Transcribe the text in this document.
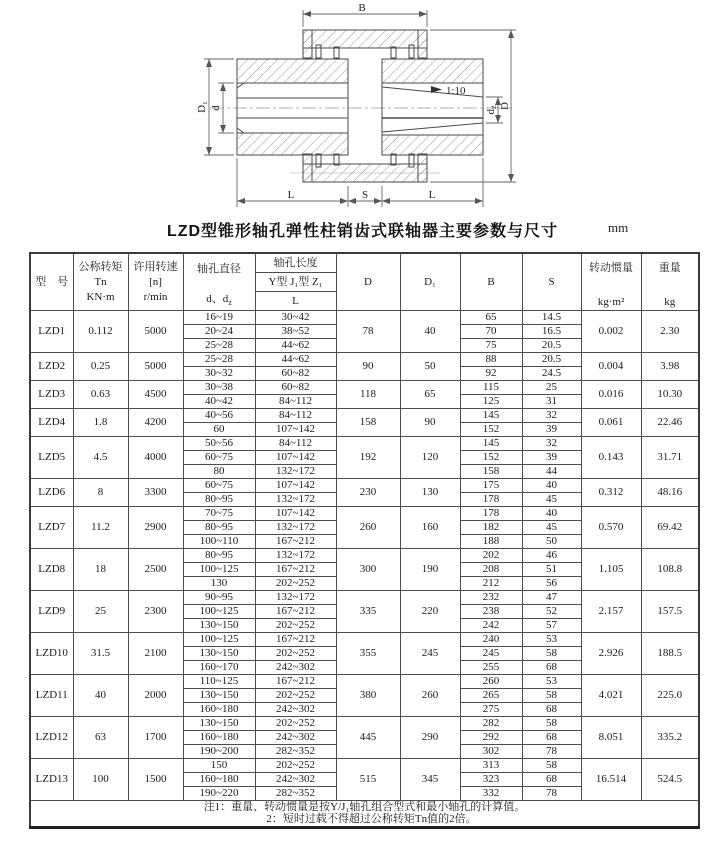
1:10
B
L	S	L
D₁ d
dz D
LZD型锥形轴孔弹性柱销齿式联轴器主要参数与尺寸	mm
型　号

公称转矩
Tn
KN·m

许用转速
[n]
r/min

轴孔直径
d、$d_z$

轴孔长度
Y型 J₁型 Z₁
L

D	D₁	B	S

转动惯量
kg·m²

重量
kg

LZD1	0.112	5000	16~19	30~42	78	40	65	14.5	0.002	2.30
			20~24	38~52			70	16.5		
			25~28	44~62			75	20.5		
LZD2	0.25	5000	25~28	44~62	90	50	88	20.5	0.004	3.98
			30~32	60~82			92	24.5		
LZD3	0.63	4500	30~38	60~82	118	65	115	25	0.016	10.30
			40~42	84~112			125	31		
LZD4	1.8	4200	40~56	84~112	158	90	145	32	0.061	22.46
			60	107~142			152	39		
LZD5	4.5	4000	50~56	84~112	192	120	145	32	0.143	31.71
			60~75	107~142			152	39		
			80	132~172			158	44		
LZD6	8	3300	60~75	107~142	230	130	175	40	0.312	48.16
			80~95	132~172			178	45		
LZD7	11.2	2900	70~75	107~142	260	160	178	40	0.570	69.42
			80~95	132~172			182	45		
			100~110	167~212			188	50		
LZD8	18	2500	80~95	132~172	300	190	202	46	1.105	108.8
			100~125	167~212			208	51		
			130	202~252			212	56		
LZD9	25	2300	90~95	132~172	335	220	232	47	2.157	157.5
			100~125	167~212			238	52		
			130~150	202~252			242	57		
LZD10	31.5	2100	100~125	167~212	355	245	240	53	2.926	188.5
			130~150	202~252			245	58		
			160~170	242~302			255	68		
LZD11	40	2000	110~125	167~212	380	260	260	53	4.021	225.0
			130~150	202~252			265	58		
			160~180	242~302			275	68		
LZD12	63	1700	130~150	202~252	445	290	282	58	8.051	335.2
			160~180	242~302			292	68		
			190~200	282~352			302	78		
LZD13	100	1500	150	202~252	515	345	313	58	16.514	524.5
			160~180	242~302			323	68		
			190~220	282~352			332	78		

注1：重量、转动惯量是按Y/J₁轴孔组合型式和最小轴孔的计算值。
2：短时过载不得超过公称转矩Tn值的2倍。										
